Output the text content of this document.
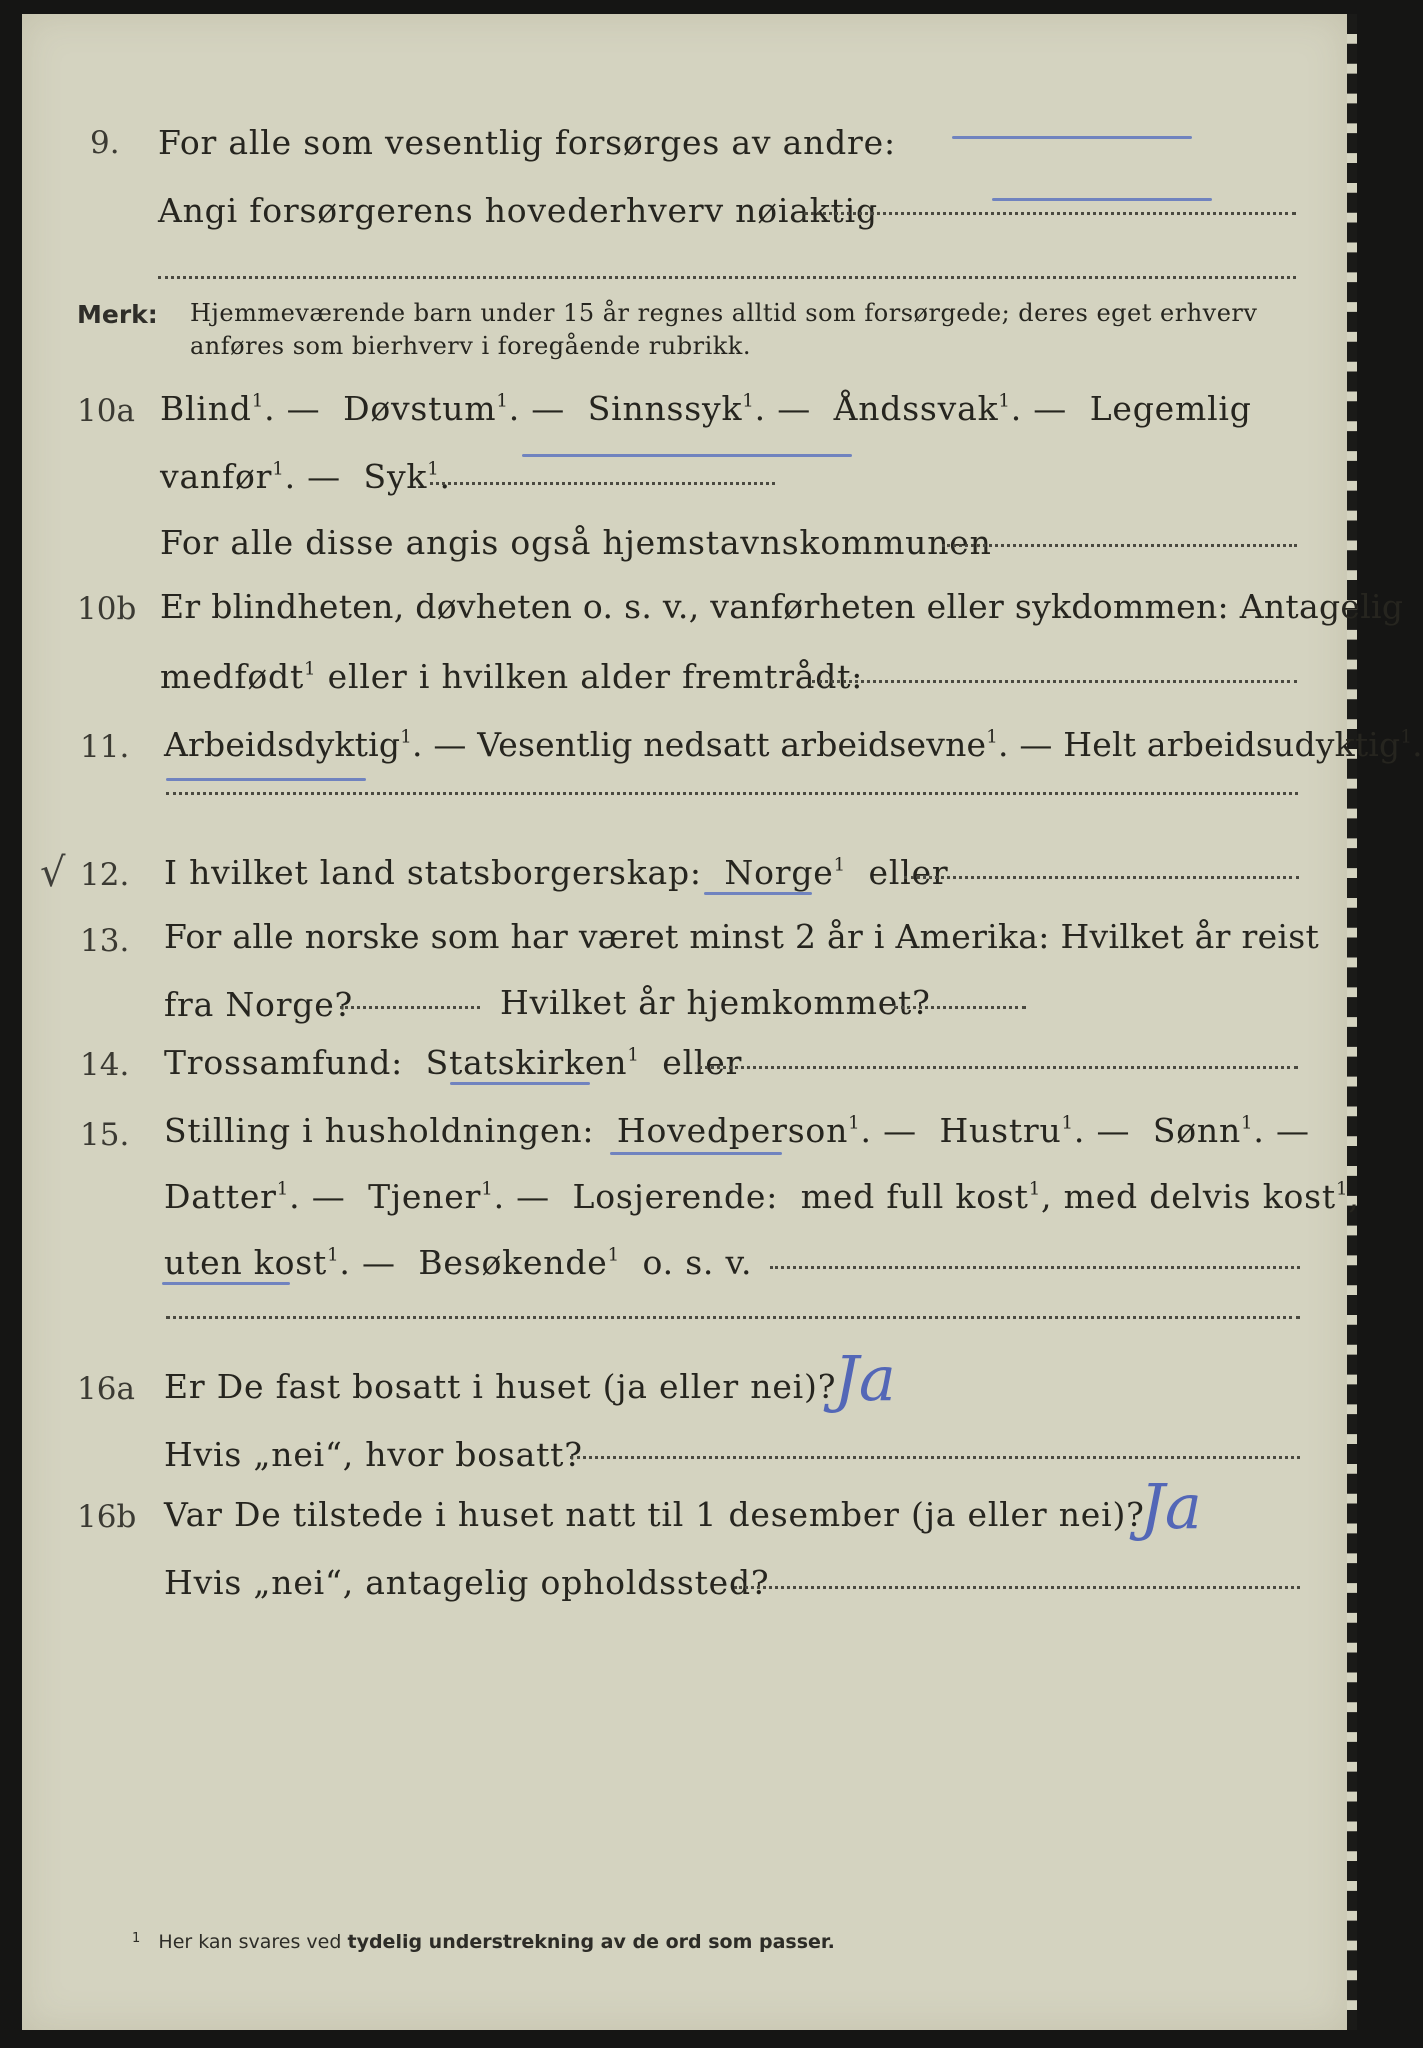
9. For alle som vesentlig forsørges av andre:
Angi forsørgerens hovederhverv nøiaktig
Merk: Hjemmeværende barn under 15 år regnes alltid som forsørgede; deres eget erhverv
anføres som bierhverv i foregående rubrikk.
10a Blind$^1$. —  Døvstum$^1$. —  Sinnssyk$^1$. —  Åndssvak$^1$. —  Legemlig
vanfør$^1$. —  Syk$^1$.
For alle disse angis også hjemstavnskommunen
10b Er blindheten, døvheten o. s. v., vanførheten eller sykdommen: Antagelig
medfødt$^1$ eller i hvilken alder fremtrådt:
11. Arbeidsdyktig$^1$. — Vesentlig nedsatt arbeidsevne$^1$. — Helt arbeidsudyktig$^1$.
√ 12. I hvilket land statsborgerskap: Norge$^1$ eller
13. For alle norske som har været minst 2 år i Amerika: Hvilket år reist
fra Norge?	Hvilket år hjemkommet?
14. Trossamfund: Statskirken$^1$ eller
15. Stilling i husholdningen: Hovedperson$^1$. —  Hustru$^1$. —  Sønn$^1$. —
Datter$^1$. —  Tjener$^1$. —  Losjerende: med full kost$^1$, med delvis kost$^1$,
uten kost$^1$. —  Besøkende$^1$ o. s. v.
16a Er De fast bosatt i huset (ja eller nei)?
Ja
Hvis „nei“, hvor bosatt?
16b Var De tilstede i huset natt til 1 desember (ja eller nei)?
Ja
Hvis „nei“, antagelig opholdssted?
$^1$ Her kan svares ved tydelig understrekning av de ord som passer.
